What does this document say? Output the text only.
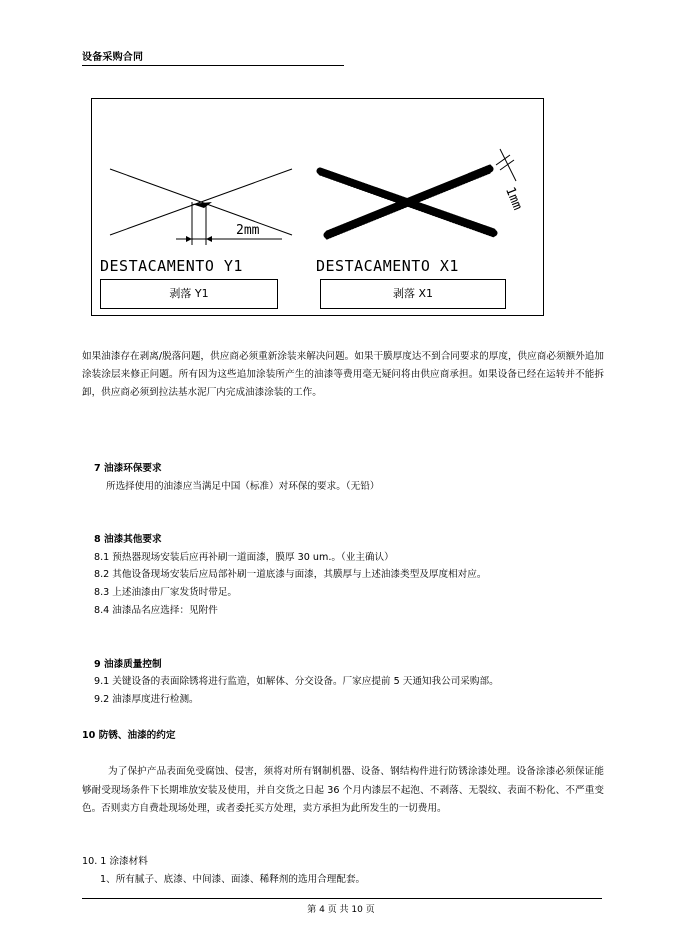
设备采购合同
2mm
1mm
DESTACAMENTO Y1	DESTACAMENTO X1
剥落 Y1	剥落 X1
如果油漆存在剥离/脱落问题，供应商必须重新涂装来解决问题。如果干膜厚度达不到合同要求的厚度，供应商必须额外追加涂装涂层来修正问题。所有因为这些追加涂装所产生的油漆等费用毫无疑问将由供应商承担。如果设备已经在运转并不能拆卸，供应商必须到拉法基水泥厂内完成油漆涂装的工作。
7 油漆环保要求
所选择使用的油漆应当满足中国（标准）对环保的要求。（无铅）
8 油漆其他要求
8.1 预热器现场安装后应再补刷一道面漆，膜厚 30 um.。（业主确认）
8.2 其他设备现场安装后应局部补刷一道底漆与面漆，其膜厚与上述油漆类型及厚度相对应。
8.3 上述油漆由厂家发货时带足。
8.4 油漆品名应选择：见附件
9 油漆质量控制
9.1 关键设备的表面除锈将进行监造，如解体、分交设备。厂家应提前 5 天通知我公司采购部。
9.2 油漆厚度进行检测。
10 防锈、油漆的约定
为了保护产品表面免受腐蚀、侵害，须将对所有钢制机器、设备、钢结构件进行防锈涂漆处理。设备涂漆必须保证能够耐受现场条件下长期堆放安装及使用，并自交货之日起 36 个月内漆层不起泡、不剥落、无裂纹、表面不粉化、不严重变色。否则卖方自费赴现场处理，或者委托买方处理，卖方承担为此所发生的一切费用。
10. 1 涂漆材料
1、所有腻子、底漆、中间漆、面漆、稀释剂的选用合理配套。
第 4 页 共 10 页
